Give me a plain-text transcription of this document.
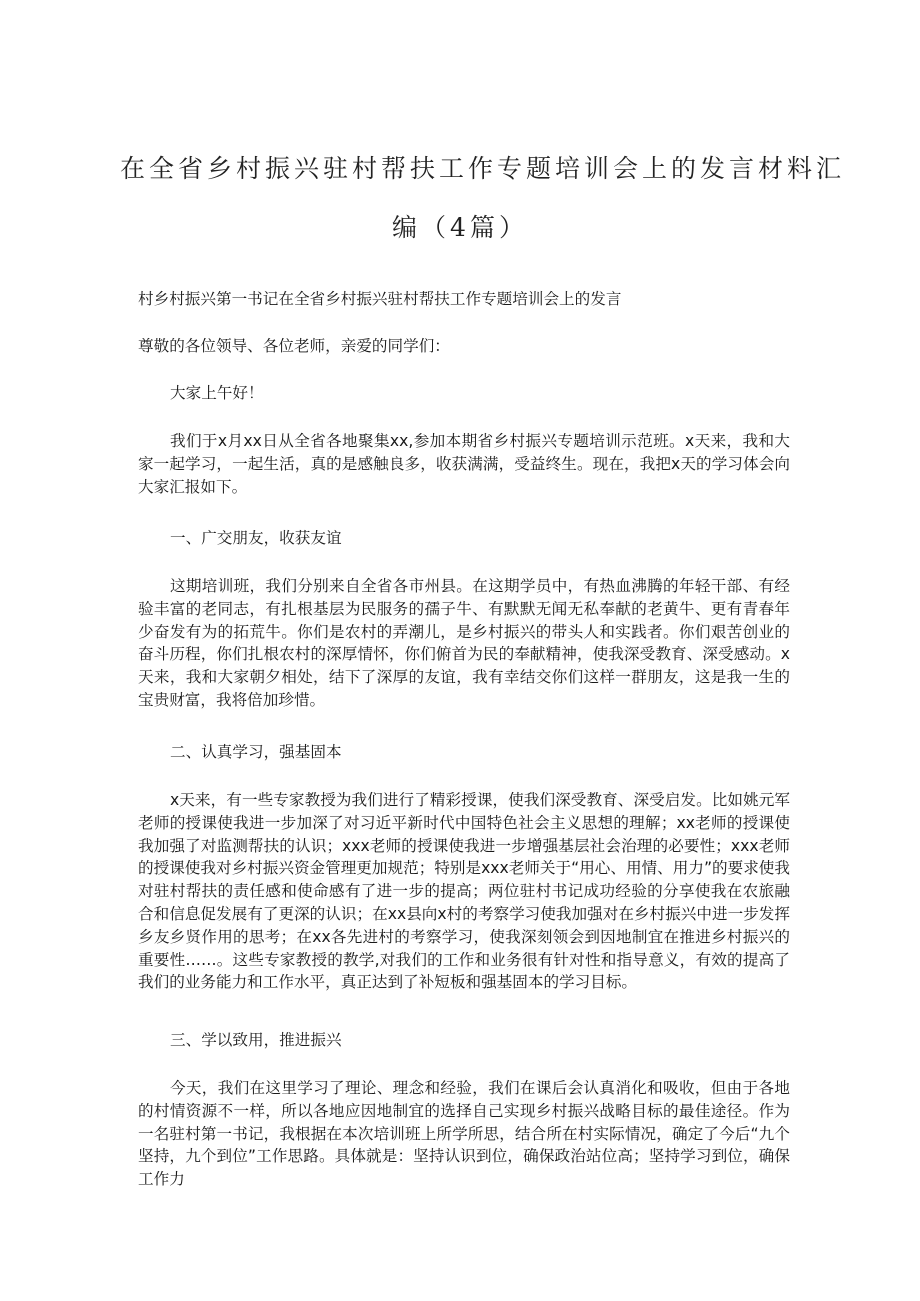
在全省乡村振兴驻村帮扶工作专题培训会上的发言材料汇
编（4篇）

村乡村振兴第一书记在全省乡村振兴驻村帮扶工作专题培训会上的发言

尊敬的各位领导、各位老师，亲爱的同学们：

大家上午好！

我们于x月xx日从全省各地聚集xx,参加本期省乡村振兴专题培训示范班。x天来，我和大家一起学习，一起生活，真的是感触良多，收获满满，受益终生。现在，我把x天的学习体会向大家汇报如下。

一、广交朋友，收获友谊

这期培训班，我们分别来自全省各市州县。在这期学员中，有热血沸腾的年轻干部、有经验丰富的老同志，有扎根基层为民服务的孺子牛、有默默无闻无私奉献的老黄牛、更有青春年少奋发有为的拓荒牛。你们是农村的弄潮儿，是乡村振兴的带头人和实践者。你们艰苦创业的奋斗历程，你们扎根农村的深厚情怀，你们俯首为民的奉献精神，使我深受教育、深受感动。x天来，我和大家朝夕相处，结下了深厚的友谊，我有幸结交你们这样一群朋友，这是我一生的宝贵财富，我将倍加珍惜。

二、认真学习，强基固本

x天来，有一些专家教授为我们进行了精彩授课，使我们深受教育、深受启发。比如姚元军老师的授课使我进一步加深了对习近平新时代中国特色社会主义思想的理解；xx老师的授课使我加强了对监测帮扶的认识；xxx老师的授课使我进一步增强基层社会治理的必要性；xxx老师的授课使我对乡村振兴资金管理更加规范；特别是xxx老师关于“用心、用情、用力”的要求使我对驻村帮扶的责任感和使命感有了进一步的提高；两位驻村书记成功经验的分享使我在农旅融合和信息促发展有了更深的认识；在xx县向x村的考察学习使我加强对在乡村振兴中进一步发挥乡友乡贤作用的思考；在xx各先进村的考察学习，使我深刻领会到因地制宜在推进乡村振兴的重要性……。这些专家教授的教学,对我们的工作和业务很有针对性和指导意义，有效的提高了我们的业务能力和工作水平，真正达到了补短板和强基固本的学习目标。

三、学以致用，推进振兴

今天，我们在这里学习了理论、理念和经验，我们在课后会认真消化和吸收，但由于各地的村情资源不一样，所以各地应因地制宜的选择自己实现乡村振兴战略目标的最佳途径。作为一名驻村第一书记，我根据在本次培训班上所学所思，结合所在村实际情况，确定了今后“九个坚持，九个到位”工作思路。具体就是：坚持认识到位，确保政治站位高；坚持学习到位，确保工作力
